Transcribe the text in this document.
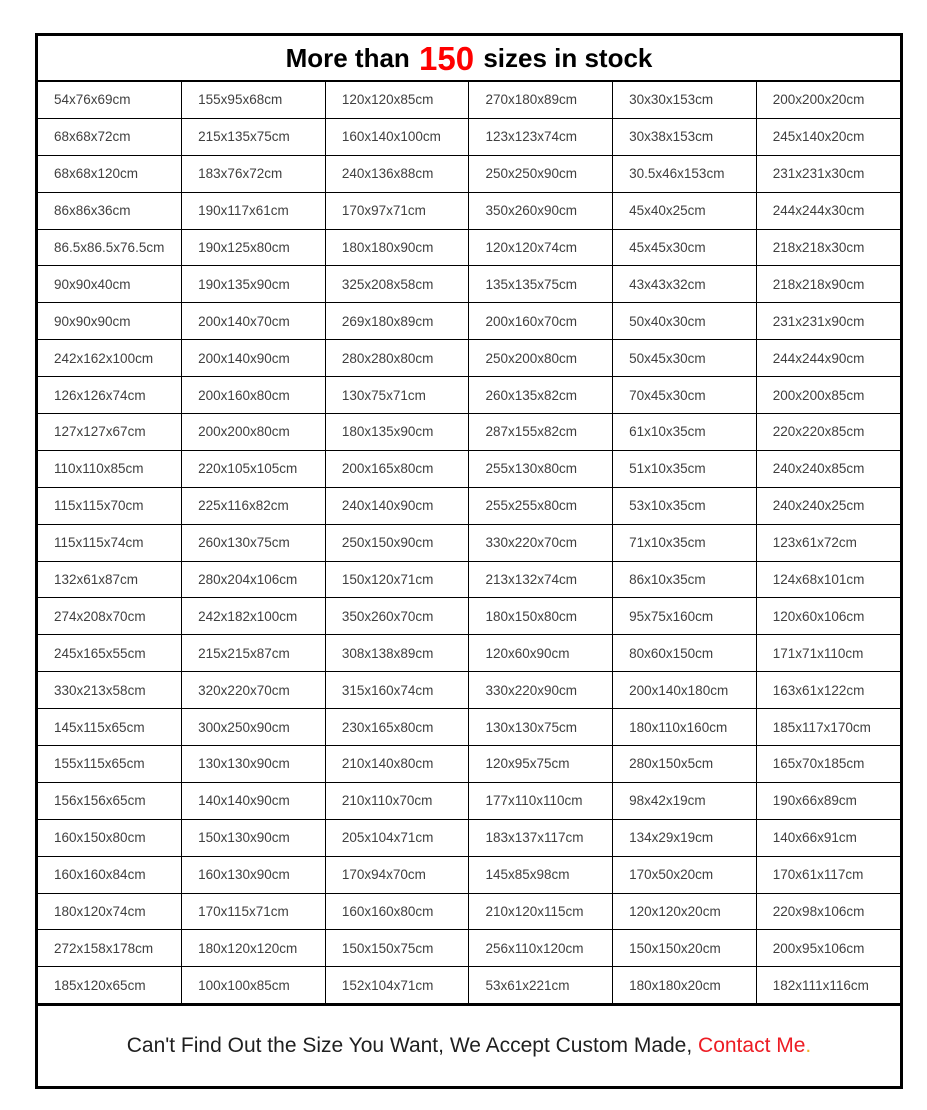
More than 150 sizes in stock
54x76x69cm	155x95x68cm	120x120x85cm	270x180x89cm	30x30x153cm	200x200x20cm
68x68x72cm	215x135x75cm	160x140x100cm	123x123x74cm	30x38x153cm	245x140x20cm
68x68x120cm	183x76x72cm	240x136x88cm	250x250x90cm	30.5x46x153cm	231x231x30cm
86x86x36cm	190x117x61cm	170x97x71cm	350x260x90cm	45x40x25cm	244x244x30cm
86.5x86.5x76.5cm	190x125x80cm	180x180x90cm	120x120x74cm	45x45x30cm	218x218x30cm
90x90x40cm	190x135x90cm	325x208x58cm	135x135x75cm	43x43x32cm	218x218x90cm
90x90x90cm	200x140x70cm	269x180x89cm	200x160x70cm	50x40x30cm	231x231x90cm
242x162x100cm	200x140x90cm	280x280x80cm	250x200x80cm	50x45x30cm	244x244x90cm
126x126x74cm	200x160x80cm	130x75x71cm	260x135x82cm	70x45x30cm	200x200x85cm
127x127x67cm	200x200x80cm	180x135x90cm	287x155x82cm	61x10x35cm	220x220x85cm
110x110x85cm	220x105x105cm	200x165x80cm	255x130x80cm	51x10x35cm	240x240x85cm
115x115x70cm	225x116x82cm	240x140x90cm	255x255x80cm	53x10x35cm	240x240x25cm
115x115x74cm	260x130x75cm	250x150x90cm	330x220x70cm	71x10x35cm	123x61x72cm
132x61x87cm	280x204x106cm	150x120x71cm	213x132x74cm	86x10x35cm	124x68x101cm
274x208x70cm	242x182x100cm	350x260x70cm	180x150x80cm	95x75x160cm	120x60x106cm
245x165x55cm	215x215x87cm	308x138x89cm	120x60x90cm	80x60x150cm	171x71x110cm
330x213x58cm	320x220x70cm	315x160x74cm	330x220x90cm	200x140x180cm	163x61x122cm
145x115x65cm	300x250x90cm	230x165x80cm	130x130x75cm	180x110x160cm	185x117x170cm
155x115x65cm	130x130x90cm	210x140x80cm	120x95x75cm	280x150x5cm	165x70x185cm
156x156x65cm	140x140x90cm	210x110x70cm	177x110x110cm	98x42x19cm	190x66x89cm
160x150x80cm	150x130x90cm	205x104x71cm	183x137x117cm	134x29x19cm	140x66x91cm
160x160x84cm	160x130x90cm	170x94x70cm	145x85x98cm	170x50x20cm	170x61x117cm
180x120x74cm	170x115x71cm	160x160x80cm	210x120x115cm	120x120x20cm	220x98x106cm
272x158x178cm	180x120x120cm	150x150x75cm	256x110x120cm	150x150x20cm	200x95x106cm
185x120x65cm	100x100x85cm	152x104x71cm	53x61x221cm	180x180x20cm	182x111x116cm
Can't Find Out the Size You Want, We Accept Custom Made, Contact Me .
